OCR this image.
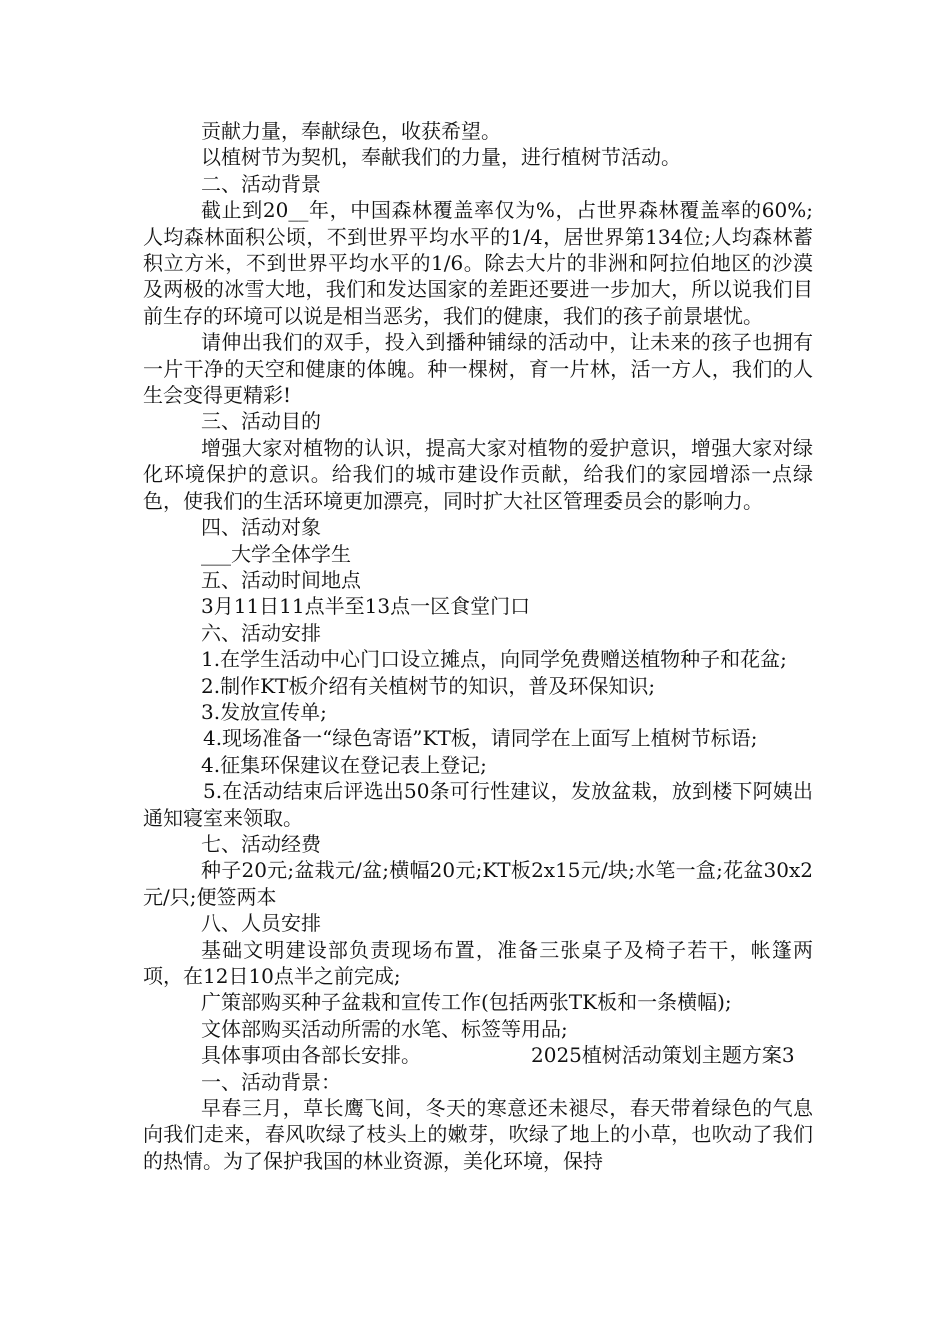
贡献力量，奉献绿色，收获希望。

以植树节为契机，奉献我们的力量，进行植树节活动。

二、活动背景

截止到20__年，中国森林覆盖率仅为%，占世界森林覆盖率的60%;人均森林面积公顷，不到世界平均水平的1/4，居世界第134位;人均森林蓄积立方米，不到世界平均水平的1/6。除去大片的非洲和阿拉伯地区的沙漠及两极的冰雪大地，我们和发达国家的差距还要进一步加大，所以说我们目前生存的环境可以说是相当恶劣，我们的健康，我们的孩子前景堪忧。

请伸出我们的双手，投入到播种铺绿的活动中，让未来的孩子也拥有一片干净的天空和健康的体魄。种一棵树，育一片林，活一方人，我们的人生会变得更精彩!

三、活动目的

增强大家对植物的认识，提高大家对植物的爱护意识，增强大家对绿化环境保护的意识。给我们的城市建设作贡献，给我们的家园增添一点绿色，使我们的生活环境更加漂亮，同时扩大社区管理委员会的影响力。

四、活动对象

___大学全体学生

五、活动时间地点

3月11日11点半至13点一区食堂门口

六、活动安排

1.在学生活动中心门口设立摊点，向同学免费赠送植物种子和花盆;

2.制作KT板介绍有关植树节的知识，普及环保知识;

3.发放宣传单;

4.现场准备一“绿色寄语”KT板，请同学在上面写上植树节标语;

4.征集环保建议在登记表上登记;

5.在活动结束后评选出50条可行性建议，发放盆栽，放到楼下阿姨出通知寝室来领取。

七、活动经费

种子20元;盆栽元/盆;横幅20元;KT板2x15元/块;水笔一盒;花盆30x2元/只;便签两本

八、人员安排

基础文明建设部负责现场布置，准备三张桌子及椅子若干，帐篷两项，在12日10点半之前完成;

广策部购买种子盆栽和宣传工作(包括两张TK板和一条横幅);

文体部购买活动所需的水笔、标签等用品;

具体事项由各部长安排。	2025植树活动策划主题方案3

一、活动背景：

早春三月，草长鹰飞间，冬天的寒意还未褪尽，春天带着绿色的气息向我们走来，春风吹绿了枝头上的嫩芽，吹绿了地上的小草，也吹动了我们的热情。为了保护我国的林业资源，美化环境，保持
